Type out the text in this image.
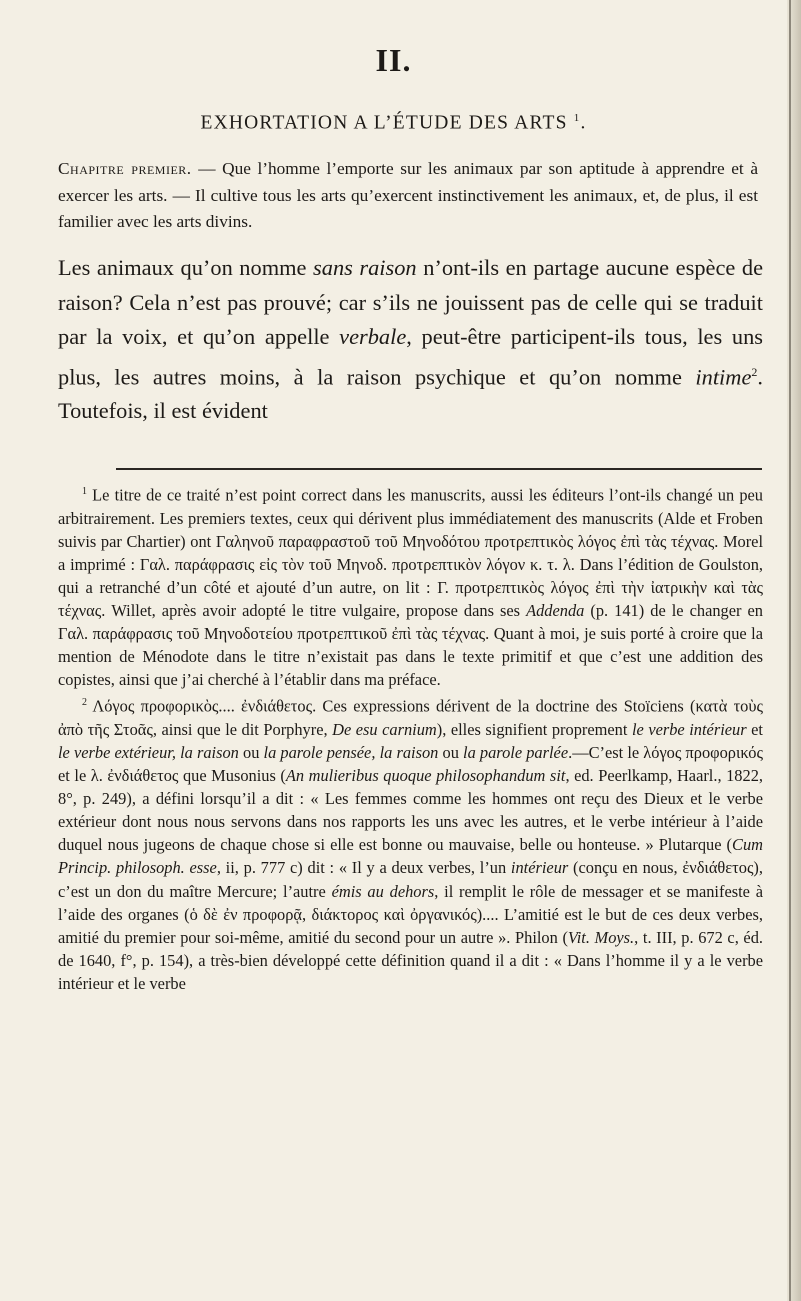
II.
EXHORTATION A L’ÉTUDE DES ARTS $^1$.
Chapitre premier. — Que l’homme l’emporte sur les animaux par son aptitude à apprendre et à exercer les arts. — Il cultive tous les arts qu’exercent instinctivement les animaux, et, de plus, il est familier avec les arts divins.
Les animaux qu’on nomme sans raison n’ont-ils en partage aucune espèce de raison? Cela n’est pas prouvé; car s’ils ne jouissent pas de celle qui se traduit par la voix, et qu’on appelle verbale, peut-être participent-ils tous, les uns plus, les autres moins, à la raison psychique et qu’on nomme intime$^2$. Toutefois, il est évident

$^1$ Le titre de ce traité n’est point correct dans les manuscrits, aussi les éditeurs l’ont-ils changé un peu arbitrairement. Les premiers textes, ceux qui dérivent plus immédiatement des manuscrits (Alde et Froben suivis par Chartier) ont Γαληνοῦ παραφραστοῦ τοῦ Μηνοδότου προτρεπτικὸς λόγος ἐπὶ τὰς τέχνας. Morel a imprimé : Γαλ. παράφρασις εἰς τὸν τοῦ Μηνοδ. προτρεπτικὸν λόγον κ. τ. λ. Dans l’édition de Goulston, qui a retranché d’un côté et ajouté d’un autre, on lit : Γ. προτρεπτικὸς λόγος ἐπὶ τὴν ἰατρικὴν καὶ τὰς τέχνας. Willet, après avoir adopté le titre vulgaire, propose dans ses Addenda (p. 141) de le changer en Γαλ. παράφρασις τοῦ Μηνοδοτείου προτρεπτικοῦ ἐπὶ τὰς τέχνας. Quant à moi, je suis porté à croire que la mention de Ménodote dans le titre n’existait pas dans le texte primitif et que c’est une addition des copistes, ainsi que j’ai cherché à l’établir dans ma préface.

$^2$ Λόγος προφορικὸς.... ἐνδιάθετος. Ces expressions dérivent de la doctrine des Stoïciens (κατὰ τοὺς ἀπὸ τῆς Στοᾶς, ainsi que le dit Porphyre, De esu carnium), elles signifient proprement le verbe intérieur et le verbe extérieur, la raison ou la parole pensée, la raison ou la parole parlée.—C’est le λόγος προφορικός et le λ. ἐνδιάθετος que Musonius (An mulieribus quoque philosophandum sit, ed. Peerlkamp, Haarl., 1822, 8°, p. 249), a défini lorsqu’il a dit : « Les femmes comme les hommes ont reçu des Dieux et le verbe extérieur dont nous nous servons dans nos rapports les uns avec les autres, et le verbe intérieur à l’aide duquel nous jugeons de chaque chose si elle est bonne ou mauvaise, belle ou honteuse. » Plutarque (Cum Princip. philosoph. esse, ii, p. 777 c) dit : « Il y a deux verbes, l’un intérieur (conçu en nous, ἐνδιάθετος), c’est un don du maître Mercure; l’autre émis au dehors, il remplit le rôle de messager et se manifeste à l’aide des organes (ὁ δὲ ἐν προφορᾷ, διάκτορος καὶ ὀργανικός).... L’amitié est le but de ces deux verbes, amitié du premier pour soi-même, amitié du second pour un autre ». Philon (Vit. Moys., t. III, p. 672 c, éd. de 1640, f°, p. 154), a très-bien développé cette définition quand il a dit : « Dans l’homme il y a le verbe intérieur et le verbe
